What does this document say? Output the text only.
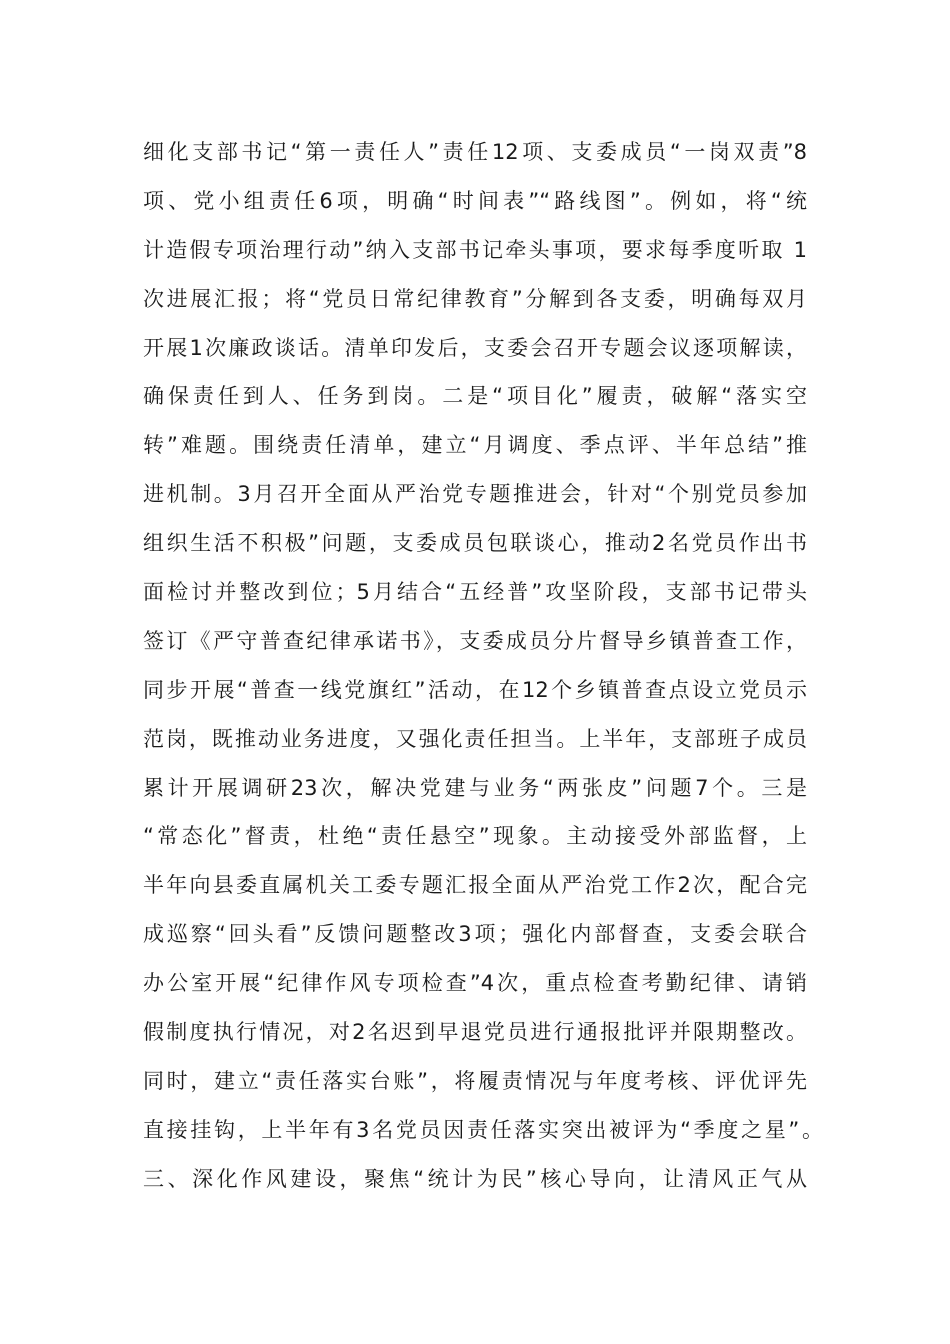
细化支部书记“第一责任人”责任12项、支委成员“一岗双责”8
项、党小组责任6项，明确“时间表”“路线图”。例如，将“统
计造假专项治理行动”纳入支部书记牵头事项，要求每季度听取 1
次进展汇报；将“党员日常纪律教育”分解到各支委，明确每双月
开展1次廉政谈话。清单印发后，支委会召开专题会议逐项解读，
确保责任到人、任务到岗。二是“项目化”履责，破解“落实空
转”难题。围绕责任清单，建立“月调度、季点评、半年总结”推
进机制。3月召开全面从严治党专题推进会，针对“个别党员参加
组织生活不积极”问题，支委成员包联谈心，推动2名党员作出书
面检讨并整改到位；5月结合“五经普”攻坚阶段，支部书记带头
签订《严守普查纪律承诺书》，支委成员分片督导乡镇普查工作，
同步开展“普查一线党旗红”活动，在12个乡镇普查点设立党员示
范岗，既推动业务进度，又强化责任担当。上半年，支部班子成员
累计开展调研23次，解决党建与业务“两张皮”问题7个。三是
“常态化”督责，杜绝“责任悬空”现象。主动接受外部监督，上
半年向县委直属机关工委专题汇报全面从严治党工作2次，配合完
成巡察“回头看”反馈问题整改3项；强化内部督查，支委会联合
办公室开展“纪律作风专项检查”4次，重点检查考勤纪律、请销
假制度执行情况，对2名迟到早退党员进行通报批评并限期整改。
同时，建立“责任落实台账”，将履责情况与年度考核、评优评先
直接挂钩，上半年有3名党员因责任落实突出被评为“季度之星”。
三、深化作风建设，聚焦“统计为民”核心导向，让清风正气从
